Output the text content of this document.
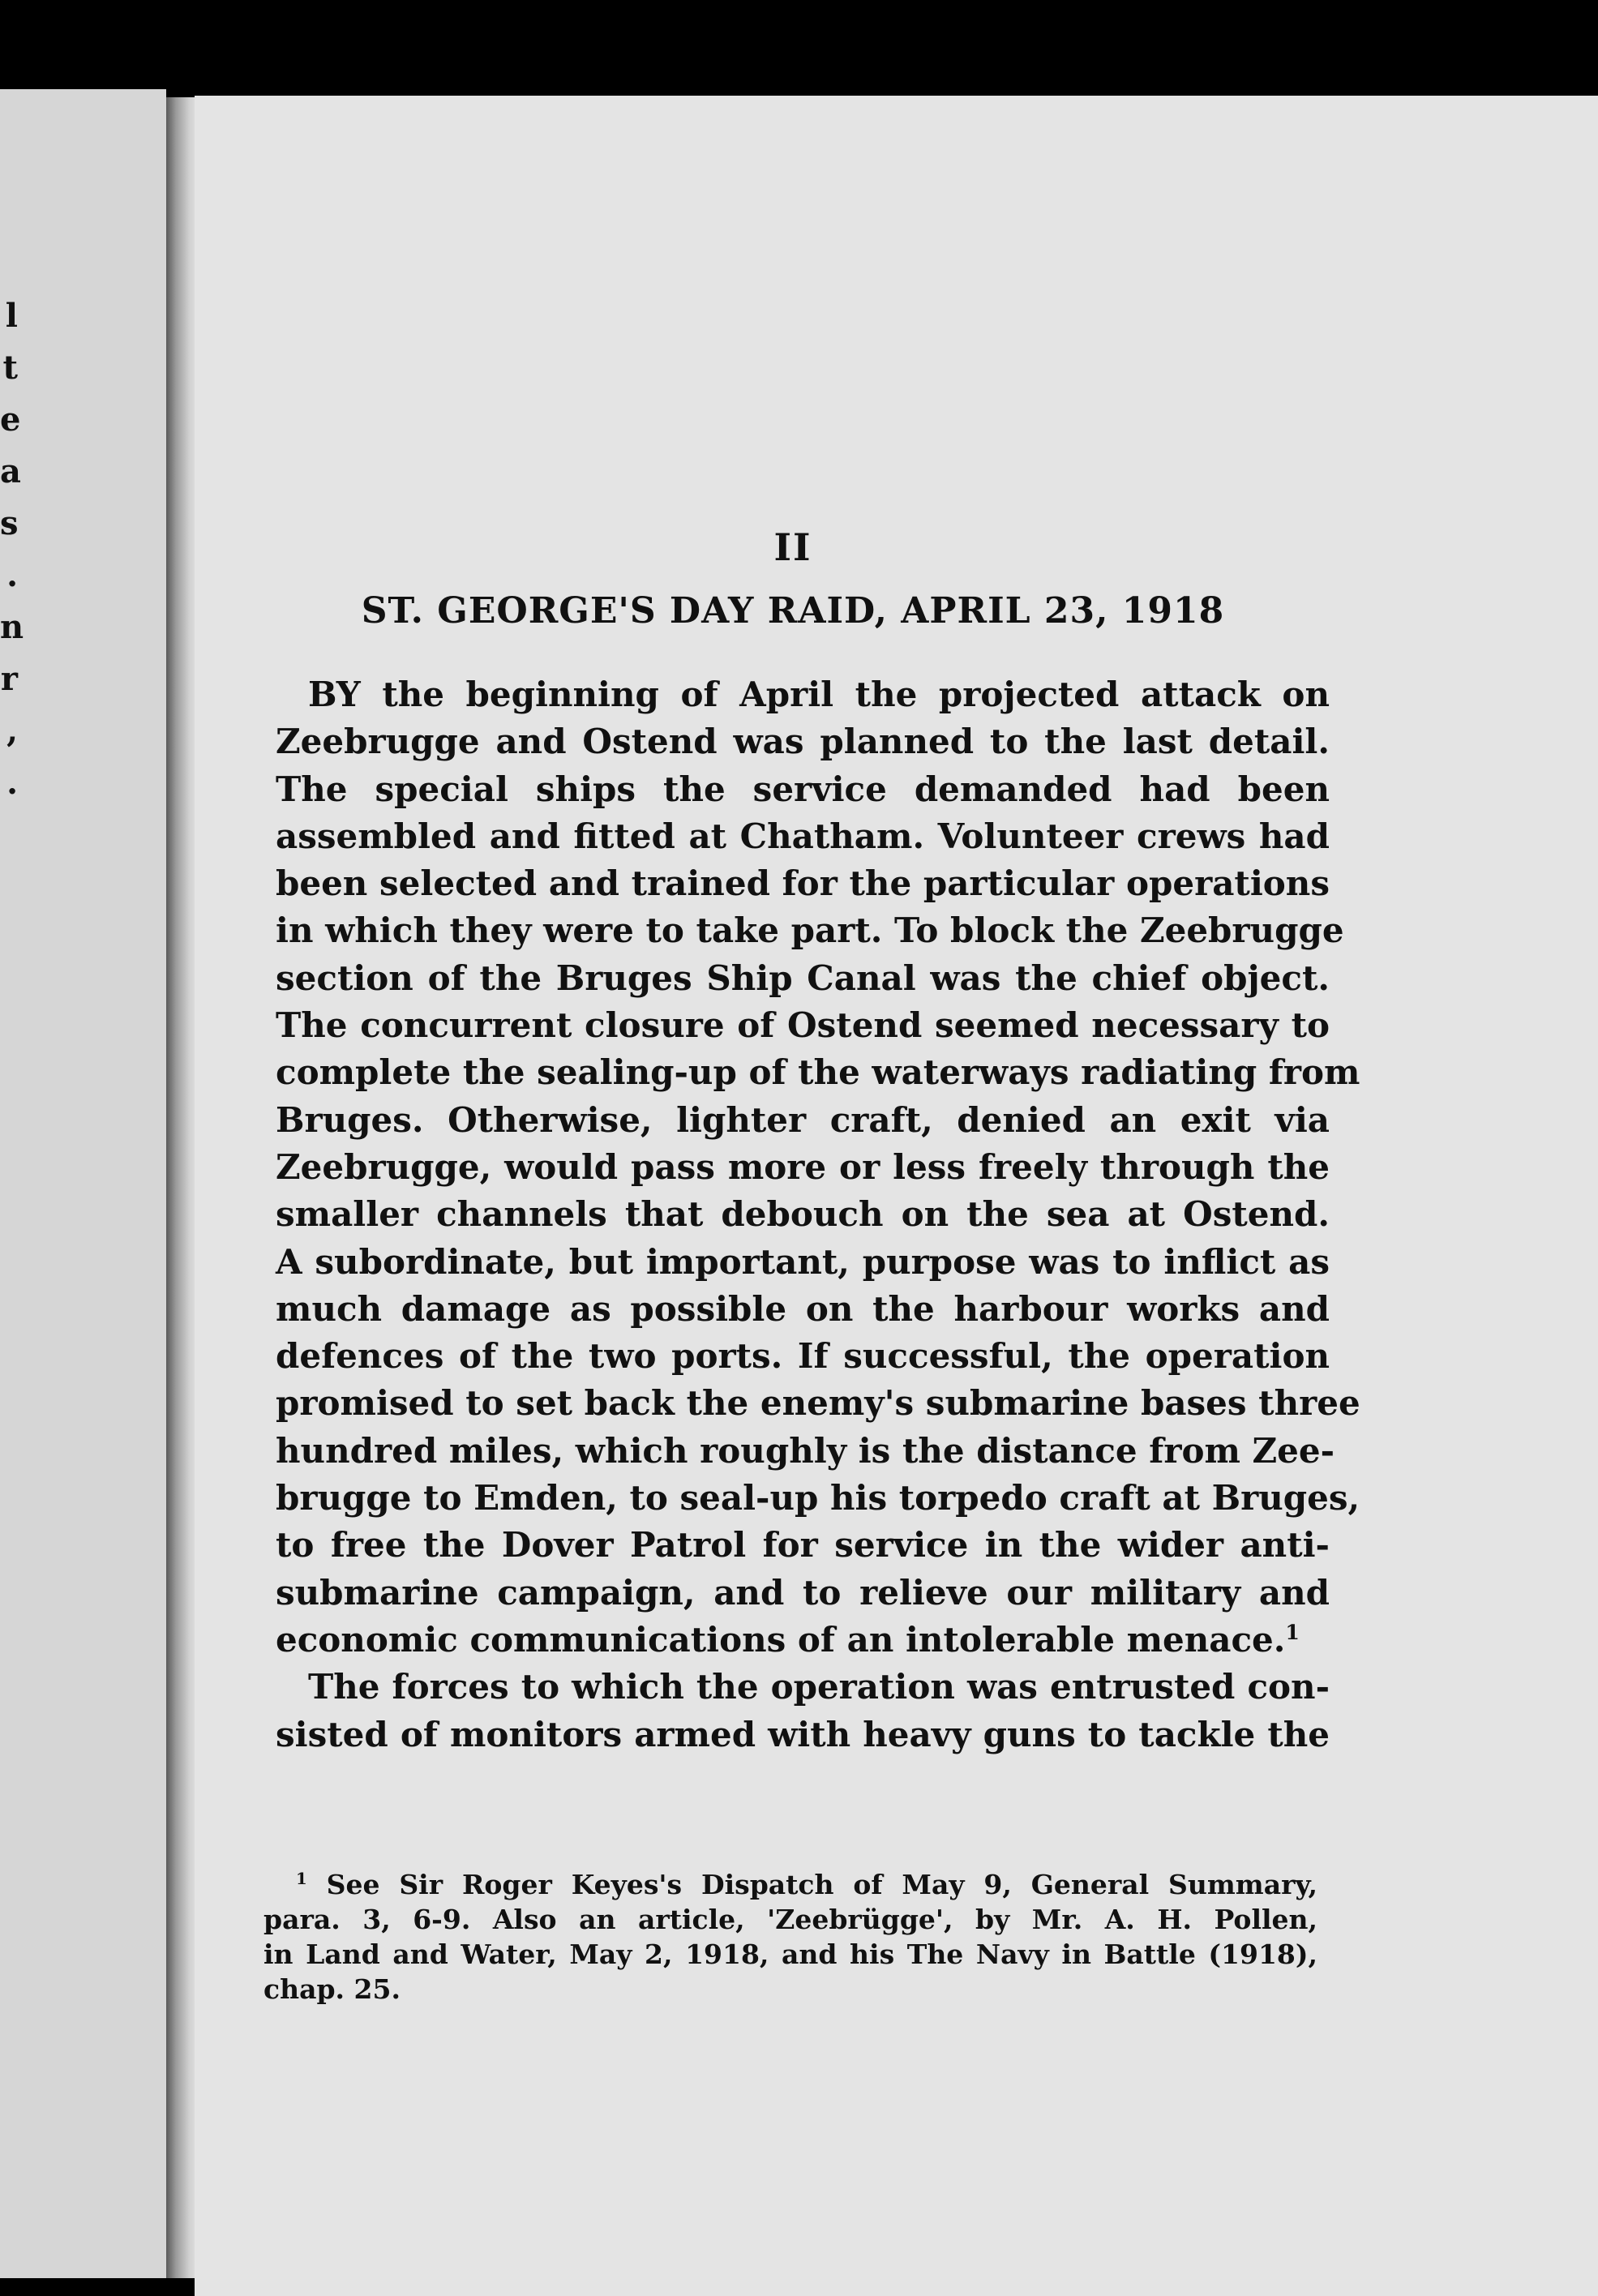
l
t
e
a
s
.
n
r
,
.
II
ST. GEORGE'S DAY RAID, APRIL 23, 1918
BY the beginning of April the projected attack on
Zeebrugge and Ostend was planned to the last detail.
The special ships the service demanded had been
assembled and fitted at Chatham. Volunteer crews had
been selected and trained for the particular operations
in which they were to take part. To block the Zeebrugge
section of the Bruges Ship Canal was the chief object.
The concurrent closure of Ostend seemed necessary to
complete the sealing-up of the waterways radiating from
Bruges. Otherwise, lighter craft, denied an exit via
Zeebrugge, would pass more or less freely through the
smaller channels that debouch on the sea at Ostend.
A subordinate, but important, purpose was to inflict as
much damage as possible on the harbour works and
defences of the two ports. If successful, the operation
promised to set back the enemy's submarine bases three
hundred miles, which roughly is the distance from Zee-
brugge to Emden, to seal-up his torpedo craft at Bruges,
to free the Dover Patrol for service in the wider anti-
submarine campaign, and to relieve our military and
economic communications of an intolerable menace.$^1$
The forces to which the operation was entrusted con-
sisted of monitors armed with heavy guns to tackle the
$^1$ See Sir Roger Keyes's Dispatch of May 9, General Summary,
para. 3, 6-9. Also an article, 'Zeebrügge', by Mr. A. H. Pollen,
in Land and Water, May 2, 1918, and his The Navy in Battle (1918),
chap. 25.
